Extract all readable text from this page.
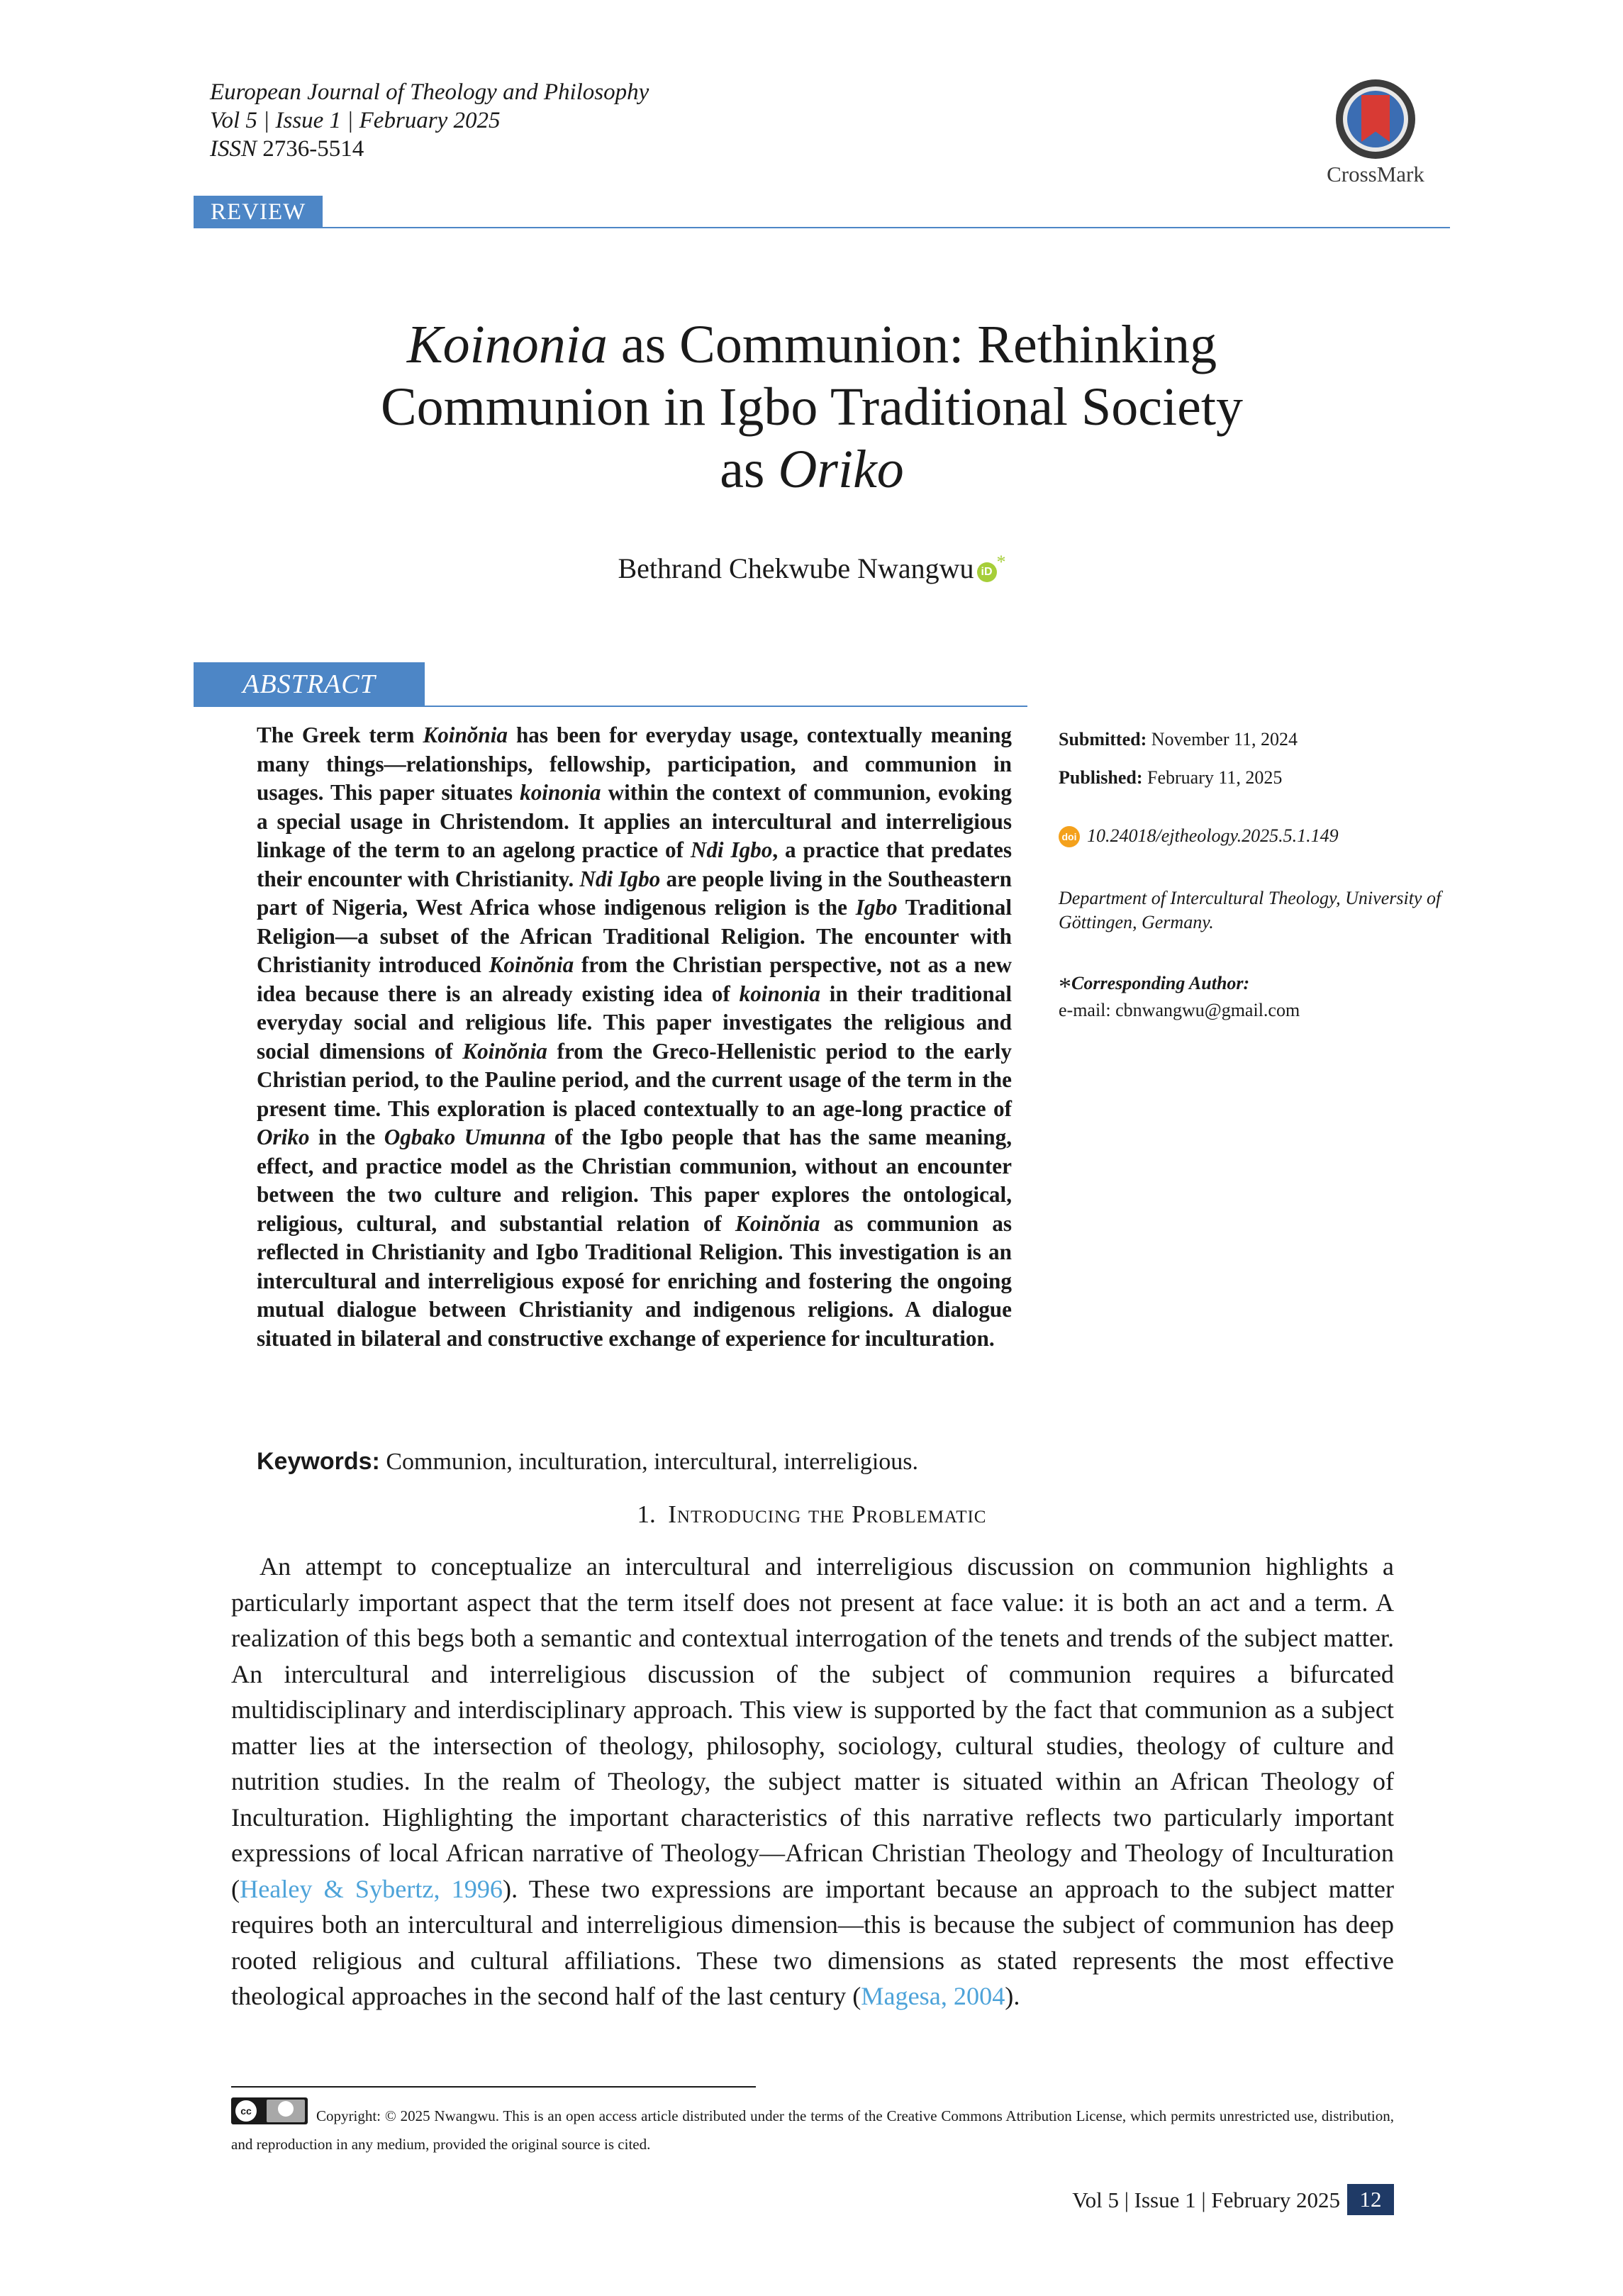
European Journal of Theology and Philosophy
Vol 5 | Issue 1 | February 2025
ISSN 2736-5514
CrossMark
REVIEW
Koinonia as Communion: Rethinking
Communion in Igbo Traditional Society
as Oriko
Bethrand Chekwube Nwangwu iD *
ABSTRACT
The Greek term Koinŏnia has been for everyday usage, contextually meaning many things—relationships, fellowship, participation, and communion in usages. This paper situates koinonia within the context of communion, evoking a special usage in Christendom. It applies an intercultural and interreligious linkage of the term to an agelong practice of Ndi Igbo, a practice that predates their encounter with Christianity. Ndi Igbo are people living in the Southeastern part of Nigeria, West Africa whose indigenous religion is the Igbo Traditional Religion—a subset of the African Traditional Religion. The encounter with Christianity introduced Koinŏnia from the Christian perspective, not as a new idea because there is an already existing idea of koinonia in their traditional everyday social and religious life. This paper investigates the religious and social dimensions of Koinŏnia from the Greco-Hellenistic period to the early Christian period, to the Pauline period, and the current usage of the term in the present time. This exploration is placed contextually to an age-long practice of Oriko in the Ogbako Umunna of the Igbo people that has the same meaning, effect, and practice model as the Christian communion, without an encounter between the two culture and religion. This paper explores the ontological, religious, cultural, and substantial relation of Koinŏnia as communion as reflected in Christianity and Igbo Traditional Religion. This investigation is an intercultural and interreligious exposé for enriching and fostering the ongoing mutual dialogue between Christianity and indigenous religions. A dialogue situated in bilateral and constructive exchange of experience for inculturation.
Submitted: November 11, 2024
Published: February 11, 2025
doi 10.24018/ejtheology.2025.5.1.149
Department of Intercultural Theology, University of Göttingen, Germany.
*Corresponding Author:
e-mail: cbnwangwu@gmail.com
Keywords: Communion, inculturation, intercultural, interreligious.
1. Introducing the Problematic
An attempt to conceptualize an intercultural and interreligious discussion on communion highlights a particularly important aspect that the term itself does not present at face value: it is both an act and a term. A realization of this begs both a semantic and contextual interrogation of the tenets and trends of the subject matter. An intercultural and interreligious discussion of the subject of communion requires a bifurcated multidisciplinary and interdisciplinary approach. This view is supported by the fact that communion as a subject matter lies at the intersection of theology, philosophy, sociology, cultural studies, theology of culture and nutrition studies. In the realm of Theology, the subject matter is situated within an African Theology of Inculturation. Highlighting the important characteristics of this narrative reflects two particularly important expressions of local African narrative of Theology—African Christian Theology and Theology of Inculturation (Healey & Sybertz, 1996). These two expressions are important because an approach to the subject matter requires both an intercultural and interreligious dimension—this is because the subject of communion has deep rooted religious and cultural affiliations. These two dimensions as stated represents the most effective theological approaches in the second half of the last century (Magesa, 2004).
cc	Copyright: © 2025 Nwangwu. This is an open access article distributed under the terms of the Creative Commons Attribution License, which permits unrestricted use, distribution, and reproduction in any medium, provided the original source is cited.
Vol 5 | Issue 1 | February 2025 12
